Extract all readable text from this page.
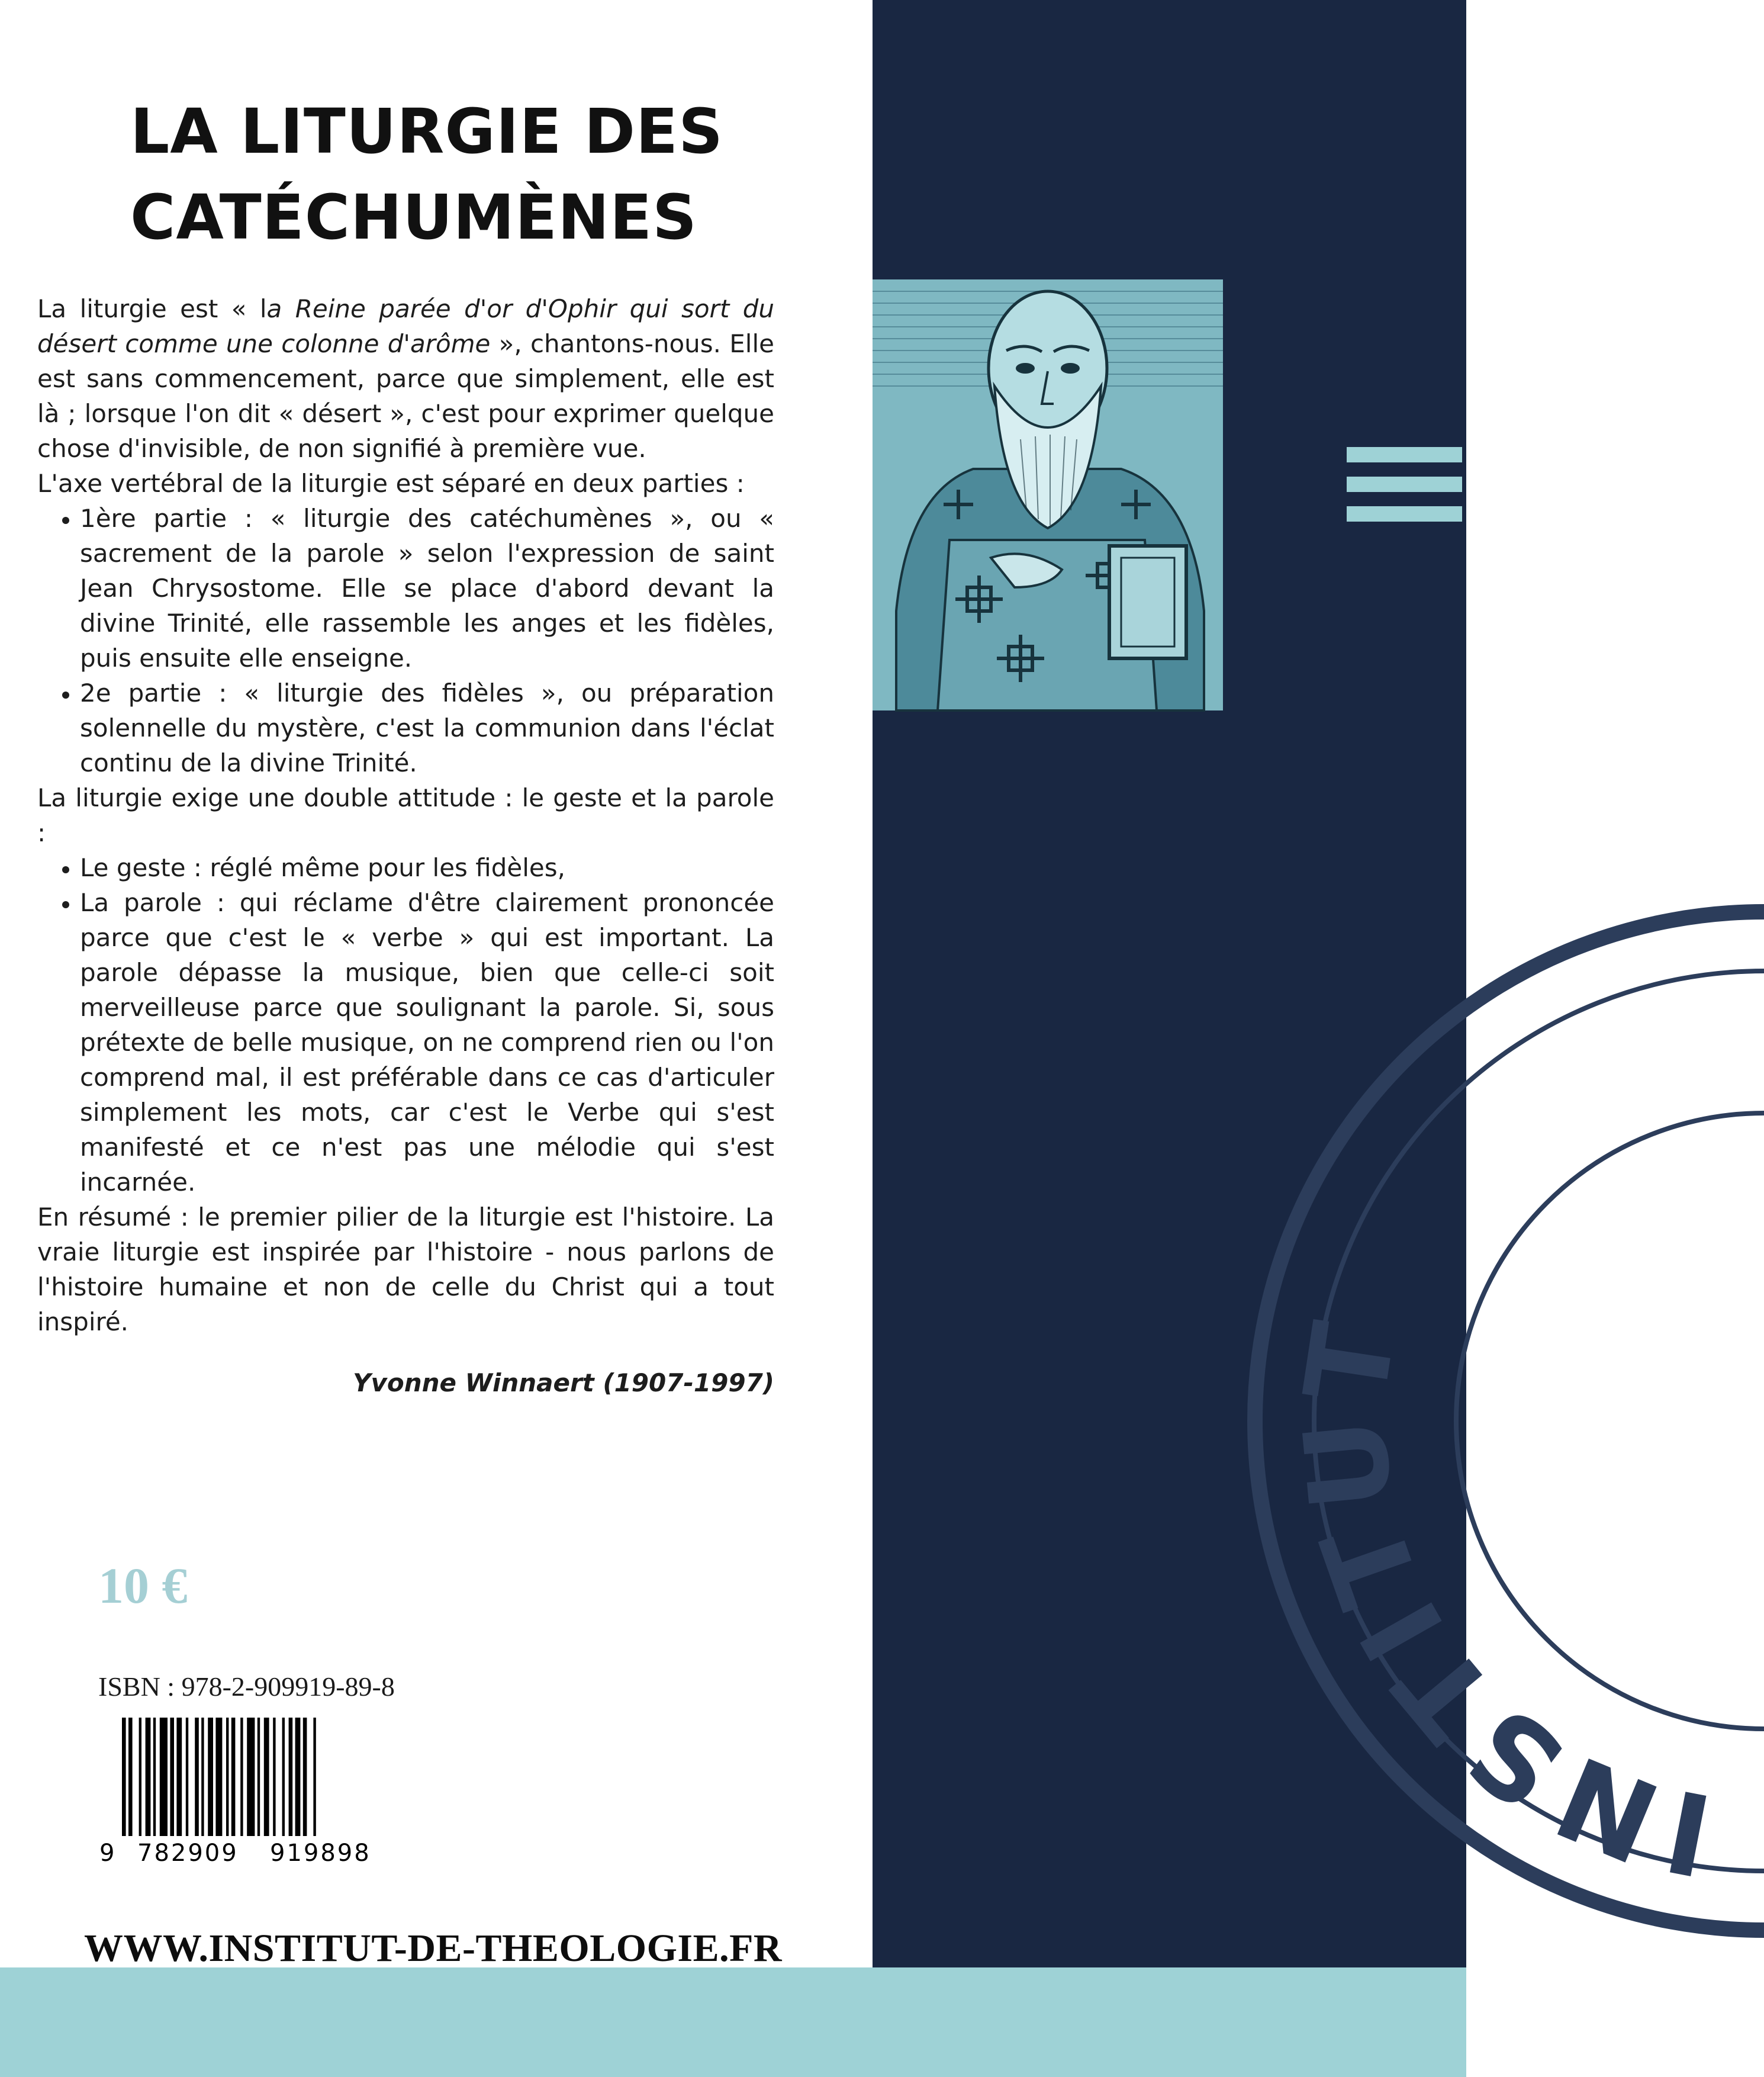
INSTITUT
LA LITURGIE DES
CATÉCHUMÈNES

La liturgie est « la Reine parée d'or d'Ophir qui sort du désert comme une colonne d'arôme », chantons-nous. Elle est sans commencement, parce que simplement, elle est là ; lorsque l'on dit « désert », c'est pour exprimer quelque chose d'invisible, de non signifié à première vue.

L'axe vertébral de la liturgie est séparé en deux parties :

• 1ère partie : « liturgie des catéchumènes », ou « sacrement de la parole » selon l'expression de saint Jean Chrysostome. Elle se place d'abord devant la divine Trinité, elle rassemble les anges et les fidèles, puis ensuite elle enseigne.
• 2e partie : « liturgie des fidèles », ou préparation solennelle du mystère, c'est la communion dans l'éclat continu de la divine Trinité.

La liturgie exige une double attitude : le geste et la parole :

• Le geste : réglé même pour les fidèles,
• La parole : qui réclame d'être clairement prononcée parce que c'est le « verbe » qui est important. La parole dépasse la musique, bien que celle-ci soit merveilleuse parce que soulignant la parole. Si, sous prétexte de belle musique, on ne comprend rien ou l'on comprend mal, il est préférable dans ce cas d'articuler simplement les mots, car c'est le Verbe qui s'est manifesté et ce n'est pas une mélodie qui s'est incarnée.

En résumé : le premier pilier de la liturgie est l'histoire. La vraie liturgie est inspirée par l'histoire - nous parlons de l'histoire humaine et non de celle du Christ qui a tout inspiré.

Yvonne Winnaert (1907-1997)

10 €
ISBN : 978-2-909919-89-8
9 782909 919898
WWW.INSTITUT-DE-THEOLOGIE.FR
